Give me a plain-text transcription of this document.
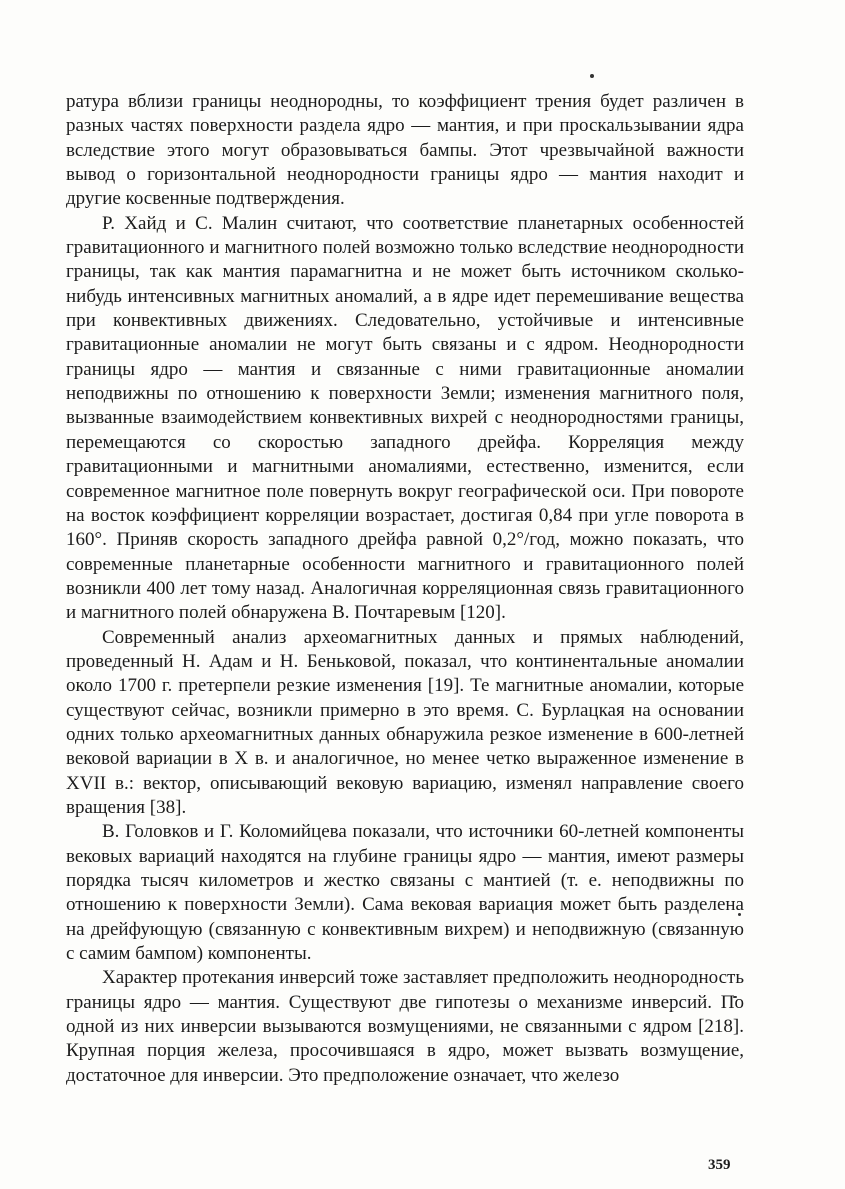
ратура вблизи границы неоднородны, то коэффициент трения будет различен в разных частях поверхности раздела ядро — мантия, и при проскальзывании ядра вследствие этого могут образовываться бампы. Этот чрезвычайной важности вывод о горизонтальной неоднородности границы ядро — мантия находит и другие косвенные подтверждения.

Р. Хайд и С. Малин считают, что соответствие планетарных особенностей гравитационного и магнитного полей возможно только вследствие неоднородности границы, так как мантия парамагнитна и не может быть источником сколько-нибудь интенсивных магнитных аномалий, а в ядре идет перемешивание вещества при конвективных движениях. Следовательно, устойчивые и интенсивные гравитационные аномалии не могут быть связаны и с ядром. Неоднородности границы ядро — мантия и связанные с ними гравитационные аномалии неподвижны по отношению к поверхности Земли; изменения магнитного поля, вызванные взаимодействием конвективных вихрей с неоднородностями границы, перемещаются со скоростью западного дрейфа. Корреляция между гравитационными и магнитными аномалиями, естественно, изменится, если современное магнитное поле повернуть вокруг географической оси. При повороте на восток коэффициент корреляции возрастает, достигая 0,84 при угле поворота в 160°. Приняв скорость западного дрейфа равной 0,2°/год, можно показать, что современные планетарные особенности магнитного и гравитационного полей возникли 400 лет тому назад. Аналогичная корреляционная связь гравитационного и магнитного полей обнаружена В. Почтаревым [120].

Современный анализ археомагнитных данных и прямых наблюдений, проведенный Н. Адам и Н. Беньковой, показал, что континентальные аномалии около 1700 г. претерпели резкие изменения [19]. Те магнитные аномалии, которые существуют сейчас, возникли примерно в это время. С. Бурлацкая на основании одних только археомагнитных данных обнаружила резкое изменение в 600-летней вековой вариации в X в. и аналогичное, но менее четко выраженное изменение в XVII в.: вектор, описывающий вековую вариацию, изменял направление своего вращения [38].

В. Головков и Г. Коломийцева показали, что источники 60-летней компоненты вековых вариаций находятся на глубине границы ядро — мантия, имеют размеры порядка тысяч километров и жестко связаны с мантией (т. е. неподвижны по отношению к поверхности Земли). Сама вековая вариация может быть разделена на дрейфующую (связанную с конвективным вихрем) и неподвижную (связанную с самим бампом) компоненты.

Характер протекания инверсий тоже заставляет предположить неоднородность границы ядро — мантия. Существуют две гипотезы о механизме инверсий. По одной из них инверсии вызываются возмущениями, не связанными с ядром [218]. Крупная порция железа, просочившаяся в ядро, может вызвать возмущение, достаточное для инверсии. Это предположение означает, что железо

359
